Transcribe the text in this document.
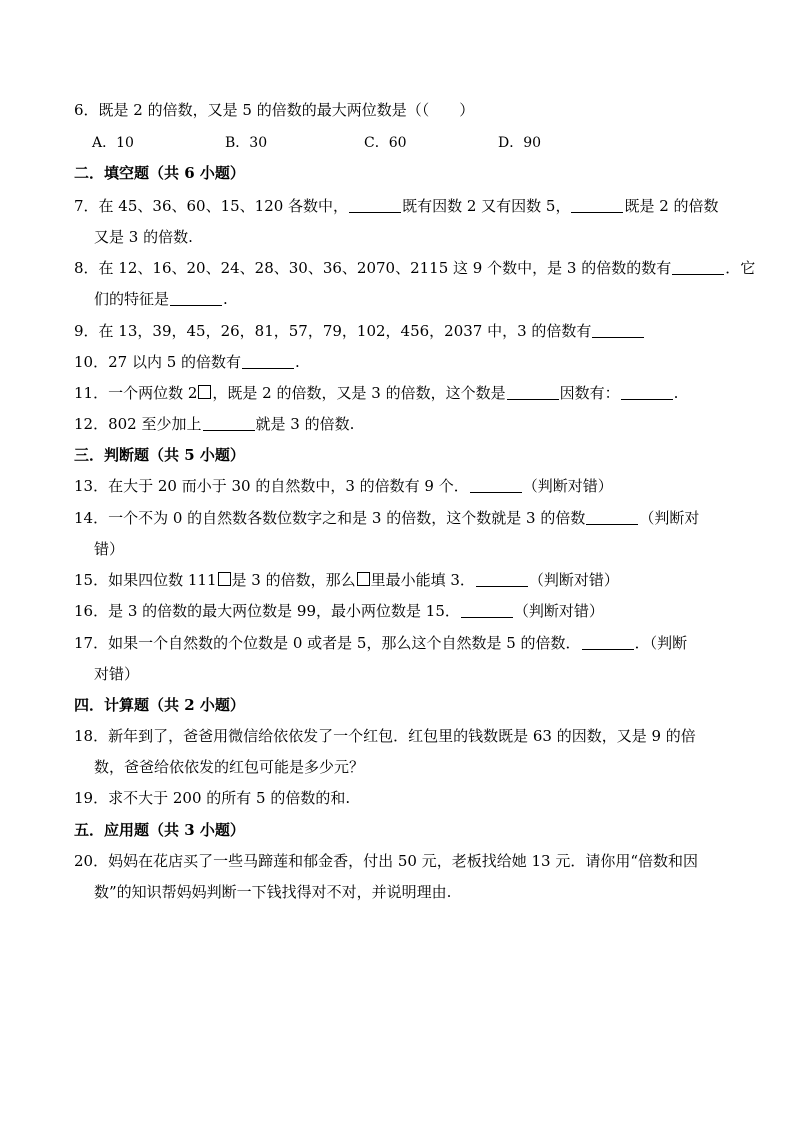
6．既是 2 的倍数，又是 5 的倍数的最大两位数是（（　　）
A．10	B．30	C．60	D．90
二．填空题（共 6 小题）
7．在 45、36、60、15、120 各数中，	既有因数 2 又有因数 5，	既是 2 的倍数
又是 3 的倍数.
8．在 12、16、20、24、28、30、36、2070、2115 这 9 个数中，是 3 的倍数的数有	．它
们的特征是	.
9．在 13，39，45，26，81，57，79，102，456，2037 中，3 的倍数有
10．27 以内 5 的倍数有	.
11．一个两位数 2 ，既是 2 的倍数，又是 3 的倍数，这个数是	因数有：	.
12．802 至少加上	就是 3 的倍数.
三．判断题（共 5 小题）
13．在大于 20 而小于 30 的自然数中，3 的倍数有 9 个．	（判断对错）
14．一个不为 0 的自然数各数位数字之和是 3 的倍数，这个数就是 3 的倍数	（判断对
错）
15．如果四位数 111 是 3 的倍数，那么 里最小能填 3．	（判断对错）
16．是 3 的倍数的最大两位数是 99，最小两位数是 15．	（判断对错）
17．如果一个自然数的个位数是 0 或者是 5，那么这个自然数是 5 的倍数．	．（判断
对错）
四．计算题（共 2 小题）
18．新年到了，爸爸用微信给依依发了一个红包．红包里的钱数既是 63 的因数，又是 9 的倍
数，爸爸给依依发的红包可能是多少元？
19．求不大于 200 的所有 5 的倍数的和.
五．应用题（共 3 小题）
20．妈妈在花店买了一些马蹄莲和郁金香，付出 50 元，老板找给她 13 元．请你用“倍数和因
数”的知识帮妈妈判断一下钱找得对不对，并说明理由.
